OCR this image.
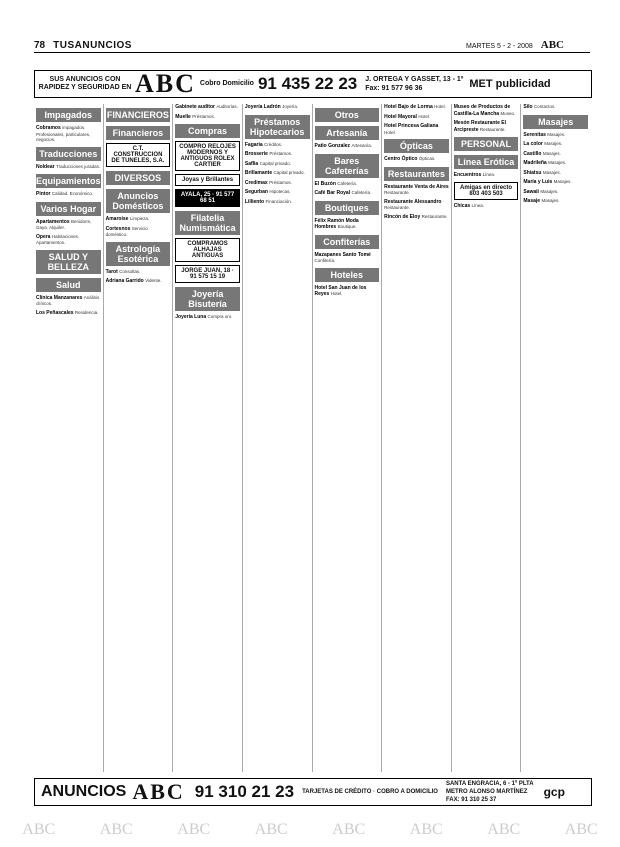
78 TUSANUNCIOS	MARTES 5 - 2 - 2008 ABC
SUS ANUNCIOS CON RAPIDEZ Y SEGURIDAD EN ABC Cobro Domicilio 91 435 22 23 J. ORTEGA Y GASSET, 13 - 1º
Fax: 91 577 96 36	MET publicidad
Impagados
Cobramos impagados. Profesionales, particulares, negocios.
Traducciones
Noldear Traducciones juradas.
Equipamientos
Pintor Calidad. Económico.
Varios Hogar
Apartamentos Benidorm, Gaya. Alquiler.
Opera Habitaciones. Apartamentos.
SALUD Y BELLEZA
Salud
Clínica Manzanares Análisis clínicos.
Los Peñascales Residencia.
FINANCIEROS
Financieros
C.T. CONSTRUCCION DE TUNELES, S.A.
DIVERSOS
Anuncios Domésticos
Amaroise Limpieza.
Cortesnos Servicio doméstico.
Astrología Esotérica
Tarot Consultas.
Adriana Garrido Vidente.
Gabinete auditor Auditorías.
Muelle Préstamos.
Compras
COMPRO RELOJES MODERNOS Y ANTIGUOS ROLEX CARTIER
Joyas y Brillantes
AYALA, 25 · 91 577 68 51
Filatelia Numismática
COMPRAMOS ALHAJAS ANTIGUAS
JORGE JUAN, 18 · 91 575 15 19
Joyería Bisutería
Joyería Luna Compra oro.
Joyería Ladrón Joyería.
Préstamos Hipotecarios
Fagaria Créditos.
Brosserie Préstamos.
Saflia Capital privado.
Brillamante Capital privado.
Credimax Préstamos.
Segurban Hipotecas.
Lilliento Financiación.
Otros
Artesanía
Patio Gonzalez Artesanía.
Bares Cafeterías
El Buzón Cafetería.
Café Bar Royal Cafetería.
Boutiques
Félix Ramón Moda Hombres Boutique.
Confiterías
Mazapanes Santo Tomé Confitería.
Hoteles
Hotel San Juan de los Reyes Hotel.
Hotel Bajo de Lorma Hotel.
Hotel Mayoral Hotel.
Hotel Princesa Galiana Hotel.
Ópticas
Centro Óptico Ópticas.
Restaurantes
Restaurante Venta de Aires Restaurante.
Restaurante Alessandro Restaurante.
Rincón de Eloy Restaurante.
Museo de Productos de Castilla-La Mancha Museo.
Mesón Restaurante El Arcipreste Restaurante.
PERSONAL
Línea Erótica
Encuentros Línea.
Amigas en directo 803 403 503
Chicas Línea.
Silo Contactos.
Masajes
Serenitas Masajes.
La color Masajes.
Castillo Masajes.
Madrileña Masajes.
Shiatsu Masajes.
María y Luis Masajes.
Sawaii Masajes.
Masaje Masajes.
ANUNCIOS ABC 91 310 21 23 TARJETAS DE CRÉDITO · COBRO A DOMICILIO
SANTA ENGRACIA, 6 - 1º PLTA
METRO ALONSO MARTÍNEZ
FAX: 91 310 25 37
gcp
ABC	ABC	ABC	ABC	ABC	ABC	ABC	ABC
